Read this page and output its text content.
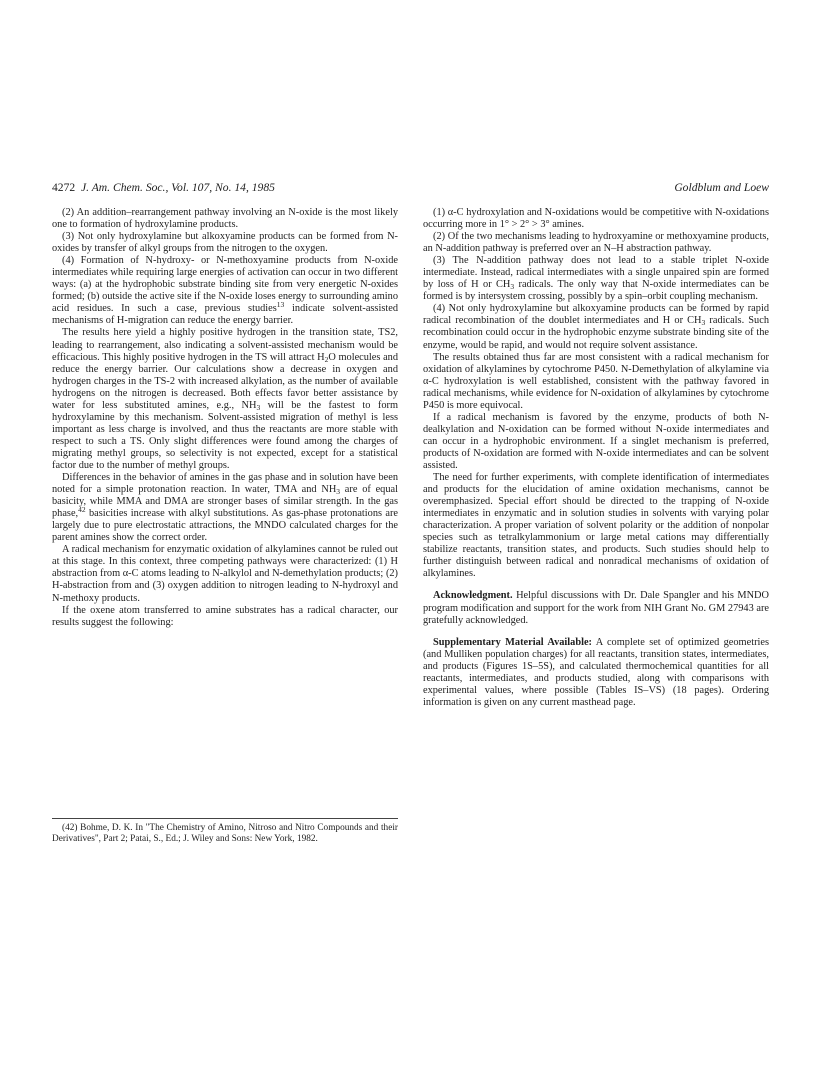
4272 J. Am. Chem. Soc., Vol. 107, No. 14, 1985	Goldblum and Loew

(2) An addition–rearrangement pathway involving an N-oxide is the most likely one to formation of hydroxylamine products.

(3) Not only hydroxylamine but alkoxyamine products can be formed from N-oxides by transfer of alkyl groups from the nitrogen to the oxygen.

(4) Formation of N-hydroxy- or N-methoxyamine products from N-oxide intermediates while requiring large energies of activation can occur in two different ways: (a) at the hydrophobic substrate binding site from very energetic N-oxides formed; (b) outside the active site if the N-oxide loses energy to surrounding amino acid residues. In such a case, previous studies$^{13}$ indicate solvent-assisted mechanisms of H-migration can reduce the energy barrier.

The results here yield a highly positive hydrogen in the transition state, TS2, leading to rearrangement, also indicating a solvent-assisted mechanism would be efficacious. This highly positive hydrogen in the TS will attract $H_2O$ molecules and reduce the energy barrier. Our calculations show a decrease in oxygen and hydrogen charges in the TS-2 with increased alkylation, as the number of available hydrogens on the nitrogen is decreased. Both effects favor better assistance by water for less substituted amines, e.g., $NH_3$ will be the fastest to form hydroxylamine by this mechanism. Solvent-assisted migration of methyl is less important as less charge is involved, and thus the reactants are more stable with respect to such a TS. Only slight differences were found among the charges of migrating methyl groups, so selectivity is not expected, except for a statistical factor due to the number of methyl groups.

Differences in the behavior of amines in the gas phase and in solution have been noted for a simple protonation reaction. In water, TMA and $NH_3$ are of equal basicity, while MMA and DMA are stronger bases of similar strength. In the gas phase,$^{42}$ basicities increase with alkyl substitutions. As gas-phase protonations are largely due to pure electrostatic attractions, the MNDO calculated charges for the parent amines show the correct order.

A radical mechanism for enzymatic oxidation of alkylamines cannot be ruled out at this stage. In this context, three competing pathways were characterized: (1) H abstraction from α-C atoms leading to N-alkylol and N-demethylation products; (2) H-abstraction from and (3) oxygen addition to nitrogen leading to N-hydroxyl and N-methoxy products.

If the oxene atom transferred to amine substrates has a radical character, our results suggest the following:

(42) Bohme, D. K. In "The Chemistry of Amino, Nitroso and Nitro Compounds and their Derivatives", Part 2; Patai, S., Ed.; J. Wiley and Sons: New York, 1982.

(1) α-C hydroxylation and N-oxidations would be competitive with N-oxidations occurring more in 1° > 2° > 3° amines.

(2) Of the two mechanisms leading to hydroxyamine or methoxyamine products, an N-addition pathway is preferred over an N–H abstraction pathway.

(3) The N-addition pathway does not lead to a stable triplet N-oxide intermediate. Instead, radical intermediates with a single unpaired spin are formed by loss of H or $CH_3$ radicals. The only way that N-oxide intermediates can be formed is by intersystem crossing, possibly by a spin–orbit coupling mechanism.

(4) Not only hydroxylamine but alkoxyamine products can be formed by rapid radical recombination of the doublet intermediates and H or $CH_3$ radicals. Such recombination could occur in the hydrophobic enzyme substrate binding site of the enzyme, would be rapid, and would not require solvent assistance.

The results obtained thus far are most consistent with a radical mechanism for oxidation of alkylamines by cytochrome P450. N-Demethylation of alkylamine via α-C hydroxylation is well established, consistent with the pathway favored in radical mechanisms, while evidence for N-oxidation of alkylamines by cytochrome P450 is more equivocal.

If a radical mechanism is favored by the enzyme, products of both N-dealkylation and N-oxidation can be formed without N-oxide intermediates and can occur in a hydrophobic environment. If a singlet mechanism is preferred, products of N-oxidation are formed with N-oxide intermediates and can be solvent assisted.

The need for further experiments, with complete identification of intermediates and products for the elucidation of amine oxidation mechanisms, cannot be overemphasized. Special effort should be directed to the trapping of N-oxide intermediates in enzymatic and in solution studies in solvents with varying polar characterization. A proper variation of solvent polarity or the addition of nonpolar species such as tetralkylammonium or large metal cations may differentially stabilize reactants, transition states, and products. Such studies should help to further distinguish between radical and nonradical mechanisms of oxidation of alkylamines.

Acknowledgment. Helpful discussions with Dr. Dale Spangler and his MNDO program modification and support for the work from NIH Grant No. GM 27943 are gratefully acknowledged.

Supplementary Material Available: A complete set of optimized geometries (and Mulliken population charges) for all reactants, transition states, intermediates, and products (Figures 1S–5S), and calculated thermochemical quantities for all reactants, intermediates, and products studied, along with comparisons with experimental values, where possible (Tables IS–VS) (18 pages). Ordering information is given on any current masthead page.
